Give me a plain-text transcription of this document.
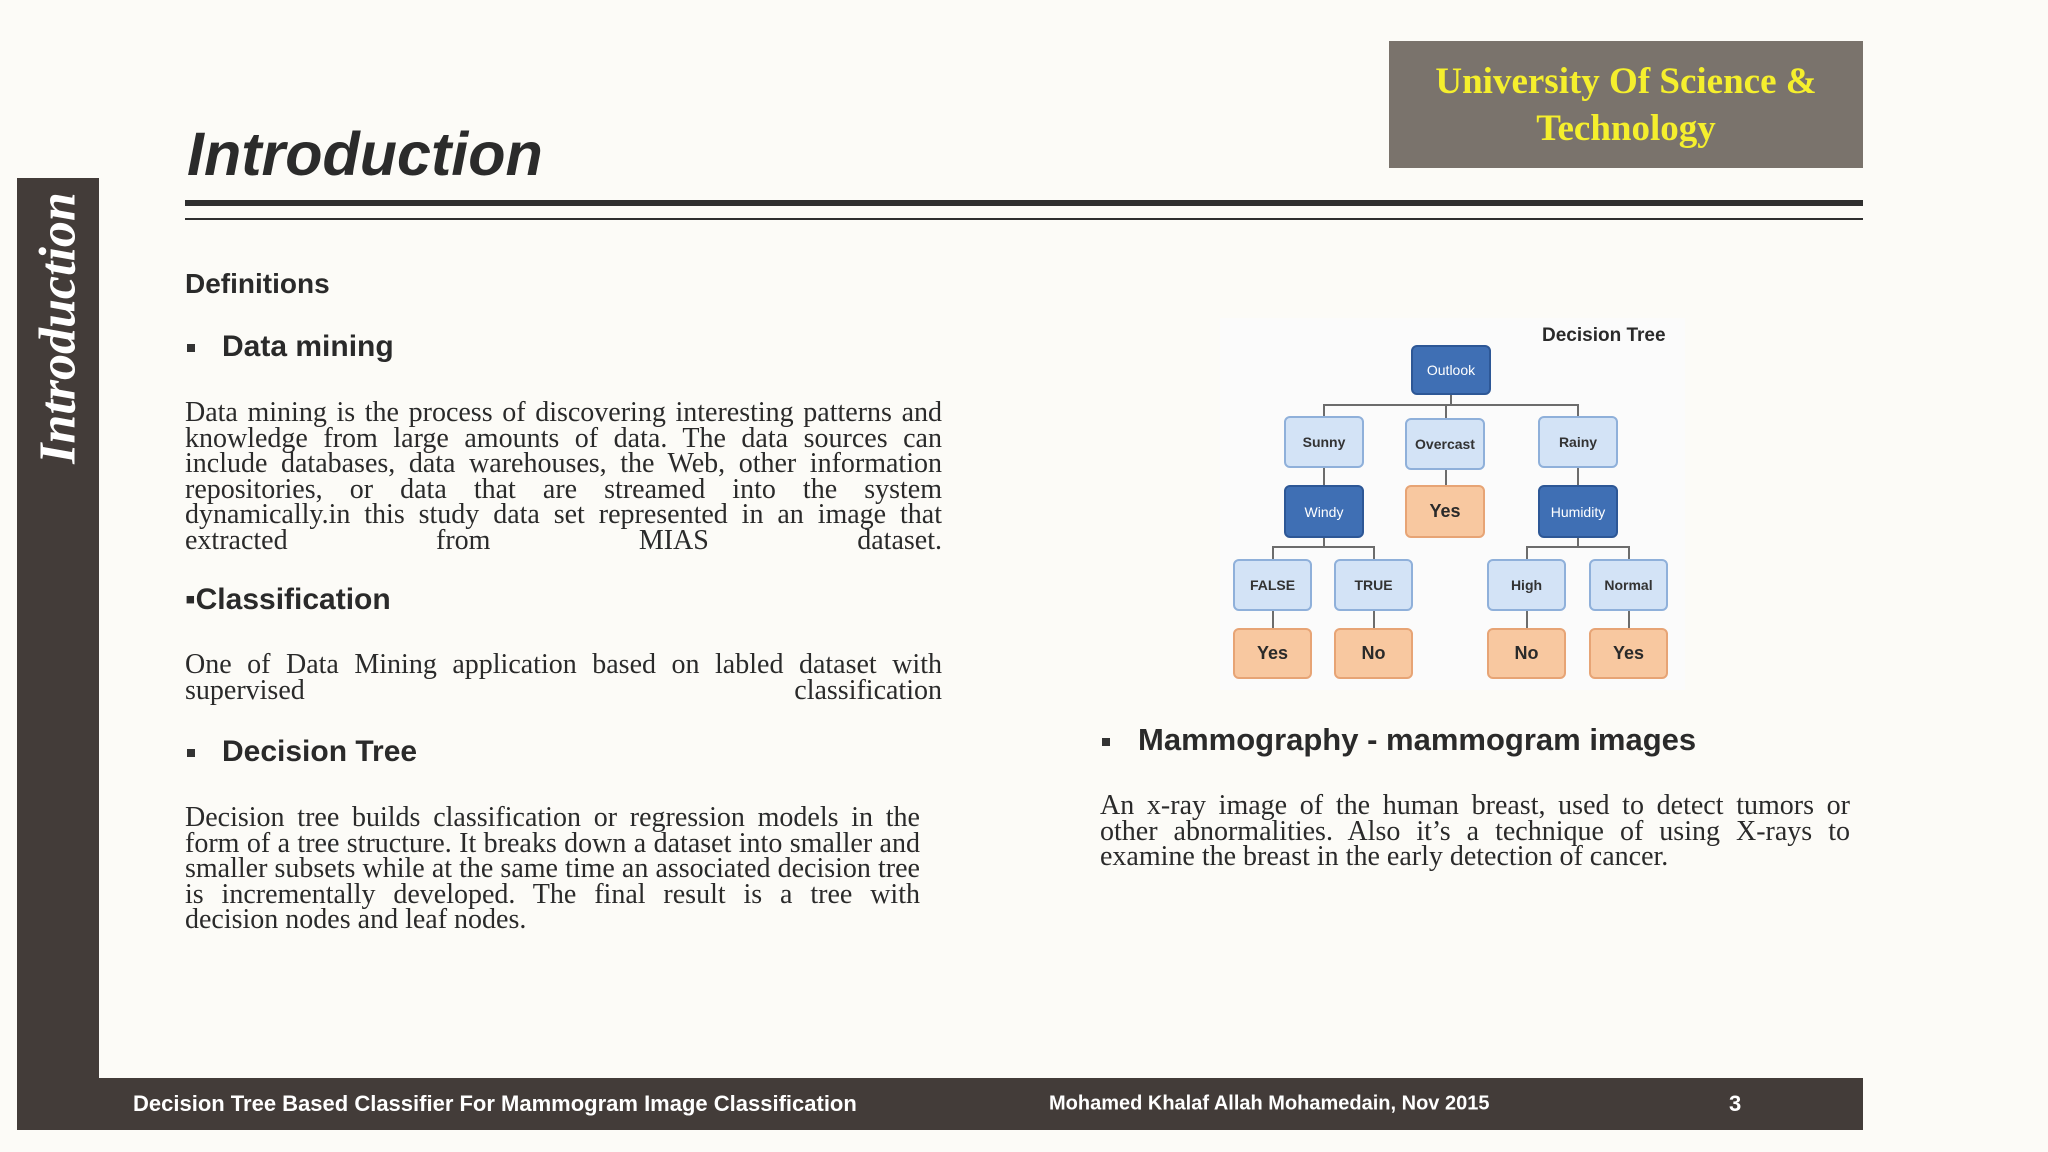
Introduction
University Of Science & Technology
Introduction
Definitions
Data mining

Data mining is the process of discovering interesting patterns and knowledge from large amounts of data. The data sources can include databases, data warehouses, the Web, other information repositories, or data that are streamed into the system dynamically.in this study data set represented in an image that extracted from MIAS dataset.

▪Classification

One of Data Mining application based on labled dataset with supervised classification

Decision Tree

Decision tree builds classification or regression models in the form of a tree structure. It breaks down a dataset into smaller and smaller subsets while at the same time an associated decision tree is incrementally developed. The final result is a tree with decision nodes and leaf nodes.

Decision Tree
Outlook
Sunny	Overcast	Rainy
Windy	Yes	Humidity
FALSE	TRUE	High	Normal
Yes	No	No	Yes
Mammography - mammogram images

An x-ray image of the human breast, used to detect tumors or other abnormalities. Also it’s a technique of using X-rays to examine the breast in the early detection of cancer.

Decision Tree Based Classifier For Mammogram Image Classification	Mohamed Khalaf Allah Mohamedain, Nov 2015	3
